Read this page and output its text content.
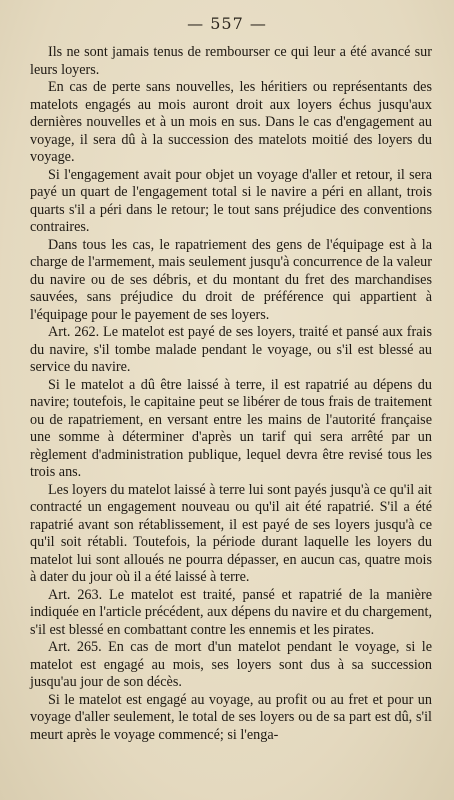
— 557 —

Ils ne sont jamais tenus de rembourser ce qui leur a été avancé sur leurs loyers.

En cas de perte sans nouvelles, les héritiers ou représentants des matelots engagés au mois auront droit aux loyers échus jusqu'aux dernières nouvelles et à un mois en sus. Dans le cas d'engagement au voyage, il sera dû à la succession des matelots moitié des loyers du voyage.

Si l'engagement avait pour objet un voyage d'aller et retour, il sera payé un quart de l'engagement total si le navire a péri en allant, trois quarts s'il a péri dans le retour; le tout sans préjudice des conventions contraires.

Dans tous les cas, le rapatriement des gens de l'équipage est à la charge de l'armement, mais seulement jusqu'à concurrence de la valeur du navire ou de ses débris, et du montant du fret des marchandises sauvées, sans préjudice du droit de préférence qui appartient à l'équipage pour le payement de ses loyers.

Art. 262. Le matelot est payé de ses loyers, traité et pansé aux frais du navire, s'il tombe malade pendant le voyage, ou s'il est blessé au service du navire.

Si le matelot a dû être laissé à terre, il est rapatrié au dépens du navire; toutefois, le capitaine peut se libérer de tous frais de traitement ou de rapatriement, en versant entre les mains de l'autorité française une somme à déterminer d'après un tarif qui sera arrêté par un règlement d'administration publique, lequel devra être revisé tous les trois ans.

Les loyers du matelot laissé à terre lui sont payés jusqu'à ce qu'il ait contracté un engagement nouveau ou qu'il ait été rapatrié. S'il a été rapatrié avant son rétablissement, il est payé de ses loyers jusqu'à ce qu'il soit rétabli. Toutefois, la période durant laquelle les loyers du matelot lui sont alloués ne pourra dépasser, en aucun cas, quatre mois à dater du jour où il a été laissé à terre.

Art. 263. Le matelot est traité, pansé et rapatrié de la manière indiquée en l'article précédent, aux dépens du navire et du chargement, s'il est blessé en combattant contre les ennemis et les pirates.

Art. 265. En cas de mort d'un matelot pendant le voyage, si le matelot est engagé au mois, ses loyers sont dus à sa succession jusqu'au jour de son décès.

Si le matelot est engagé au voyage, au profit ou au fret et pour un voyage d'aller seulement, le total de ses loyers ou de sa part est dû, s'il meurt après le voyage commencé; si l'enga-
